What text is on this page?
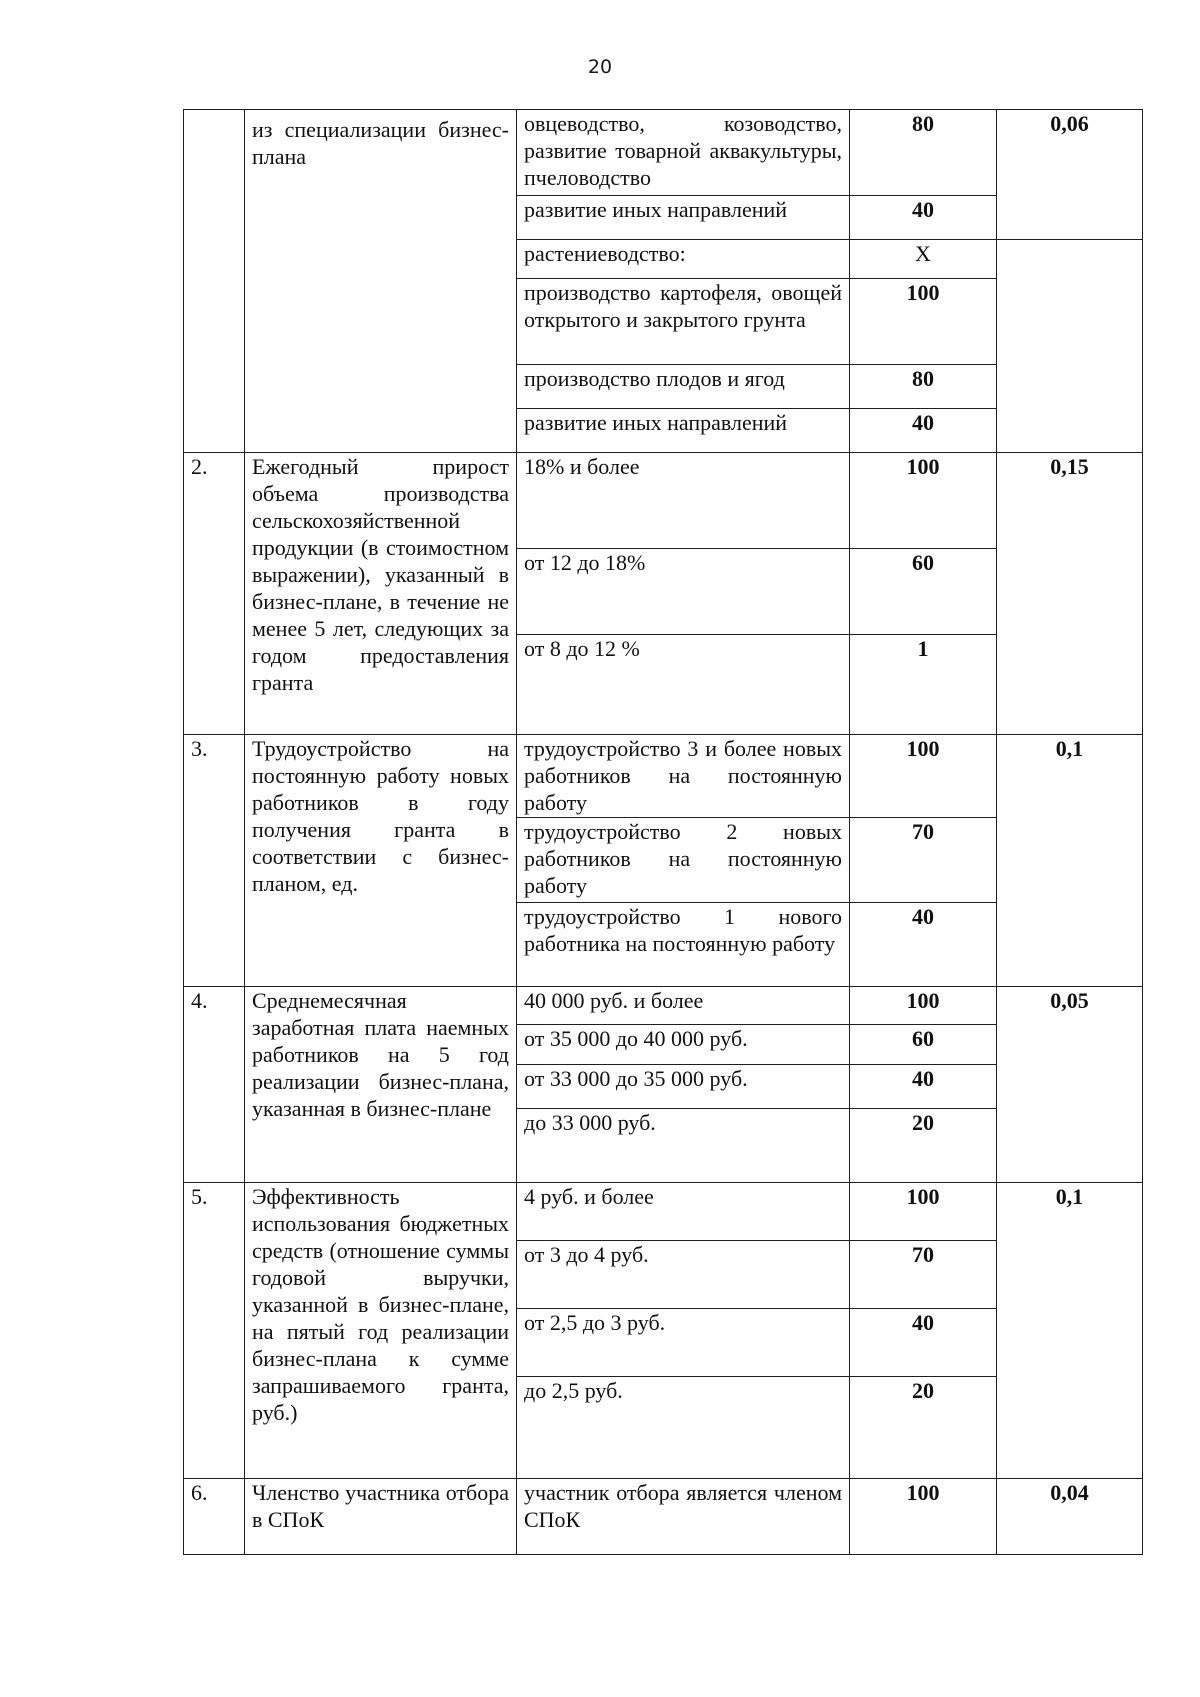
20
	из специализации бизнес-плана	овцеводство, козоводство, развитие товарной аквакультуры, пчеловодство	80	0,06
		развитие иных направлений	40	
		растениеводство:	Х	
		производство картофеля, овощей открытого и закрытого грунта	100	
		производство плодов и ягод	80	
		развитие иных направлений	40	
2.	Ежегодный прирост объема производства сельскохозяйственной продукции (в стоимостном выражении), указанный в бизнес-плане, в течение не менее 5 лет, следующих за годом предоставления гранта	18% и более	100	0,15
		от 12 до 18%	60	
		от 8 до 12 %	1	
3.	Трудоустройство на постоянную работу новых работников в году получения гранта в соответствии с бизнес-планом, ед.	трудоустройство 3 и более новых работников на постоянную работу	100	0,1
		трудоустройство 2 новых работников на постоянную работу	70	
		трудоустройство 1 нового работника на постоянную работу	40	
4.	Среднемесячная заработная плата наемных работников на 5 год реализации бизнес-плана, указанная в бизнес-плане	40 000 руб. и более	100	0,05
		от 35 000 до 40 000 руб.	60	
		от 33 000 до 35 000 руб.	40	
		до 33 000 руб.	20	
5.	Эффективность использования бюджетных средств (отношение суммы годовой выручки, указанной в бизнес-плане, на пятый год реализации бизнес-плана к сумме запрашиваемого гранта, руб.)	4 руб. и более	100	0,1
		от 3 до 4 руб.	70	
		от 2,5 до 3 руб.	40	
		до 2,5 руб.	20	
6.	Членство участника отбора в СПоК	участник отбора является членом СПоК	100	0,04
